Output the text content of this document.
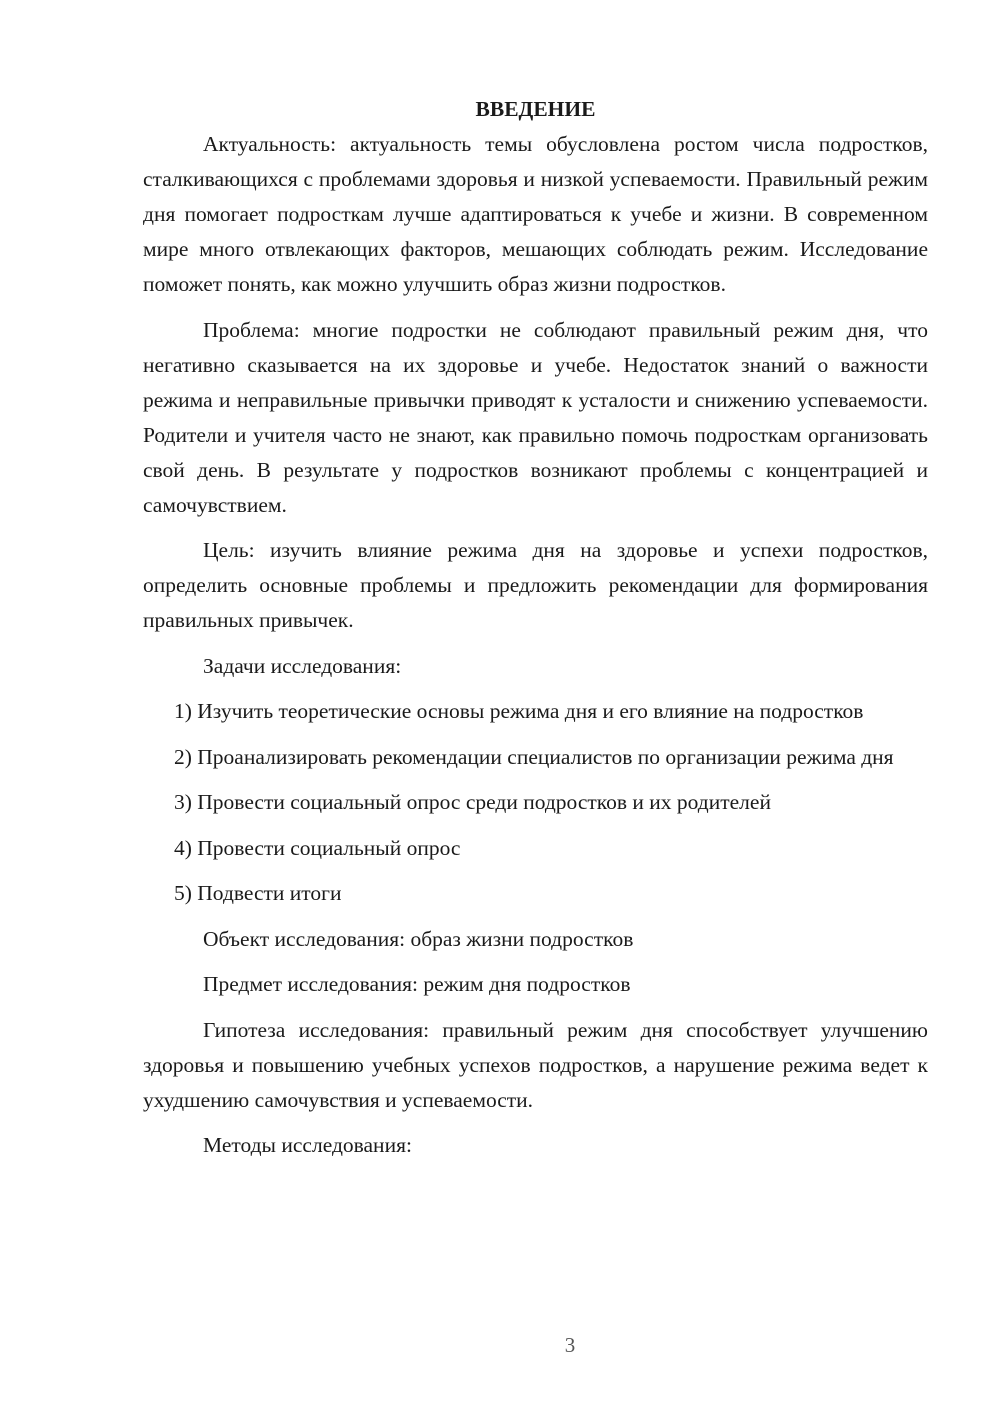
ВВЕДЕНИЕ

Актуальность: актуальность темы обусловлена ростом числа подростков, сталкивающихся с проблемами здоровья и низкой успеваемости. Правильный режим дня помогает подросткам лучше адаптироваться к учебе и жизни. В современном мире много отвлекающих факторов, мешающих соблюдать режим. Исследование поможет понять, как можно улучшить образ жизни подростков.

Проблема: многие подростки не соблюдают правильный режим дня, что негативно сказывается на их здоровье и учебе. Недостаток знаний о важности режима и неправильные привычки приводят к усталости и снижению успеваемости. Родители и учителя часто не знают, как правильно помочь подросткам организовать свой день. В результате у подростков возникают проблемы с концентрацией и самочувствием.

Цель: изучить влияние режима дня на здоровье и успехи подростков, определить основные проблемы и предложить рекомендации для формирования правильных привычек.

Задачи исследования:

1) Изучить теоретические основы режима дня и его влияние на подростков

2) Проанализировать рекомендации специалистов по организации режима дня

3) Провести социальный опрос среди подростков и их родителей

4) Провести социальный опрос

5) Подвести итоги

Объект исследования: образ жизни подростков

Предмет исследования: режим дня подростков

Гипотеза исследования: правильный режим дня способствует улучшению здоровья и повышению учебных успехов подростков, а нарушение режима ведет к ухудшению самочувствия и успеваемости.

Методы исследования:

3
